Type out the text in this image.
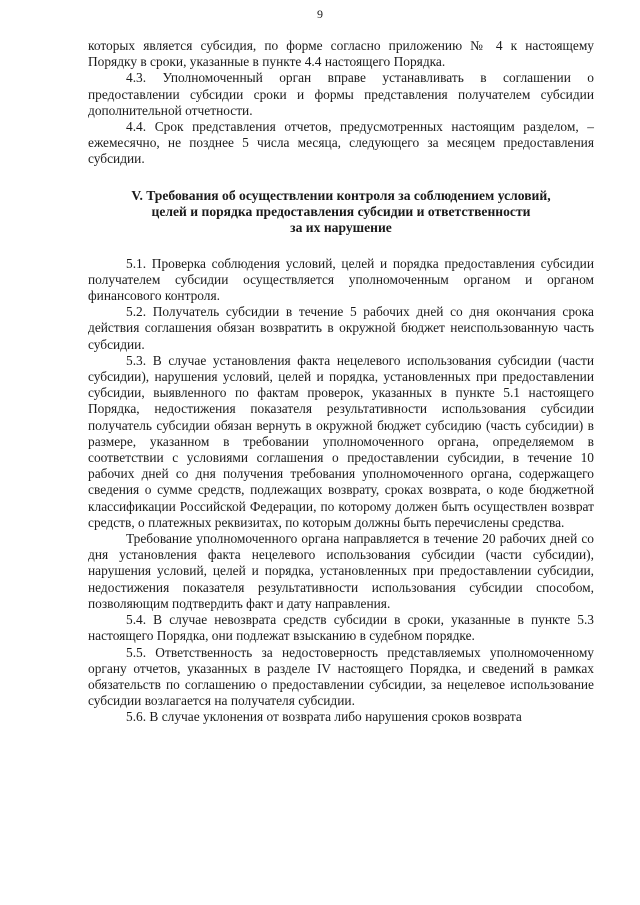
9

которых является субсидия, по форме согласно приложению № 4 к настоящему Порядку в сроки, указанные в пункте 4.4 настоящего Порядка.

4.3. Уполномоченный орган вправе устанавливать в соглашении о предоставлении субсидии сроки и формы представления получателем субсидии дополнительной отчетности.

4.4. Срок представления отчетов, предусмотренных настоящим разделом, – ежемесячно, не позднее 5 числа месяца, следующего за месяцем предоставления субсидии.

V. Требования об осуществлении контроля за соблюдением условий,
целей и порядка предоставления субсидии и ответственности
за их нарушение

5.1. Проверка соблюдения условий, целей и порядка предоставления субсидии получателем субсидии осуществляется уполномоченным органом и органом финансового контроля.

5.2. Получатель субсидии в течение 5 рабочих дней со дня окончания срока действия соглашения обязан возвратить в окружной бюджет неиспользованную часть субсидии.

5.3. В случае установления факта нецелевого использования субсидии (части субсидии), нарушения условий, целей и порядка, установленных при предоставлении субсидии, выявленного по фактам проверок, указанных в пункте 5.1 настоящего Порядка, недостижения показателя результативности использования субсидии получатель субсидии обязан вернуть в окружной бюджет субсидию (часть субсидии) в размере, указанном в требовании уполномоченного органа, определяемом в соответствии с условиями соглашения о предоставлении субсидии, в течение 10 рабочих дней со дня получения требования уполномоченного органа, содержащего сведения о сумме средств, подлежащих возврату, сроках возврата, о коде бюджетной классификации Российской Федерации, по которому должен быть осуществлен возврат средств, о платежных реквизитах, по которым должны быть перечислены средства.

Требование уполномоченного органа направляется в течение 20 рабочих дней со дня установления факта нецелевого использования субсидии (части субсидии), нарушения условий, целей и порядка, установленных при предоставлении субсидии, недостижения показателя результативности использования субсидии способом, позволяющим подтвердить факт и дату направления.

5.4. В случае невозврата средств субсидии в сроки, указанные в пункте 5.3 настоящего Порядка, они подлежат взысканию в судебном порядке.

5.5. Ответственность за недостоверность представляемых уполномоченному органу отчетов, указанных в разделе IV настоящего Порядка, и сведений в рамках обязательств по соглашению о предоставлении субсидии, за нецелевое использование субсидии возлагается на получателя субсидии.

5.6. В случае уклонения от возврата либо нарушения сроков возврата
